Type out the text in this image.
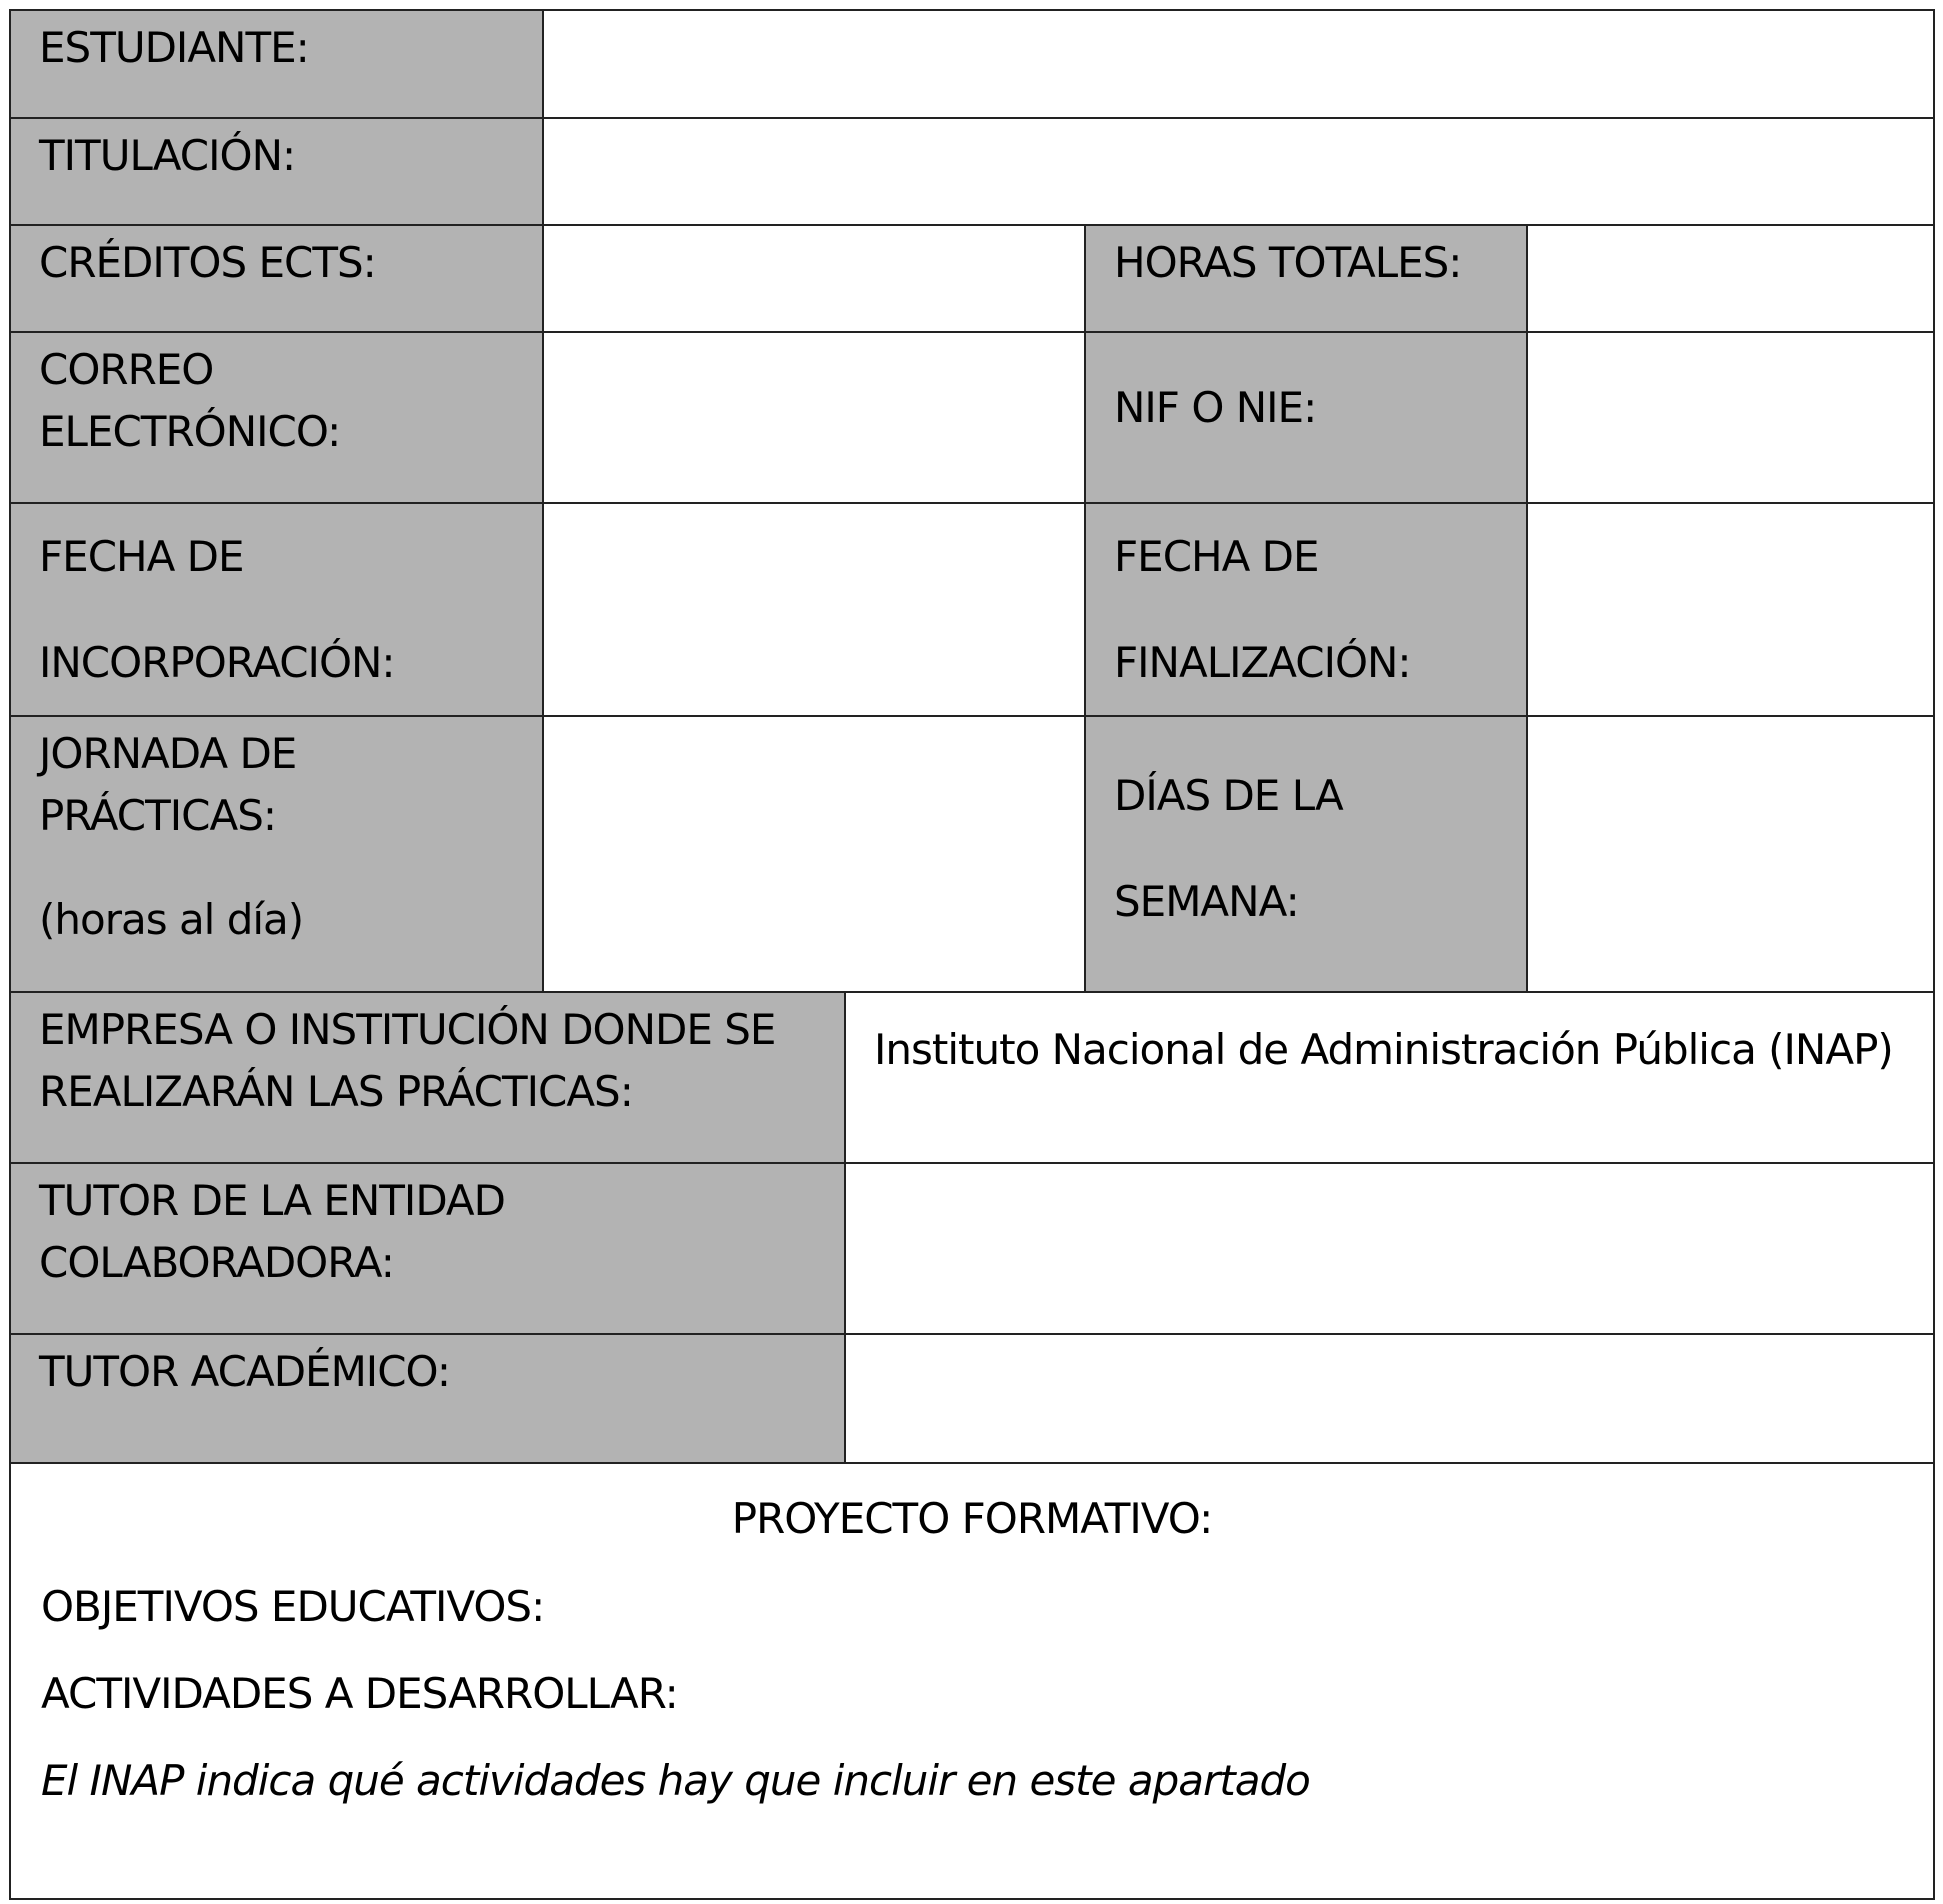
ESTUDIANTE:
TITULACIÓN:
CRÉDITOS ECTS:	HORAS TOTALES:
CORREO
ELECTRÓNICO:	NIF O NIE:
FECHA DE
INCORPORACIÓN:
FECHA DE
FINALIZACIÓN:
JORNADA DE
PRÁCTICAS:
(horas al día)
DÍAS DE LA
SEMANA:
EMPRESA O INSTITUCIÓN DONDE SE
REALIZARÁN LAS PRÁCTICAS:
Instituto Nacional de Administración Pública (INAP)
TUTOR DE LA ENTIDAD
COLABORADORA:
TUTOR ACADÉMICO:
PROYECTO FORMATIVO:
OBJETIVOS EDUCATIVOS:
ACTIVIDADES A DESARROLLAR:
El INAP indica qué actividades hay que incluir en este apartado
